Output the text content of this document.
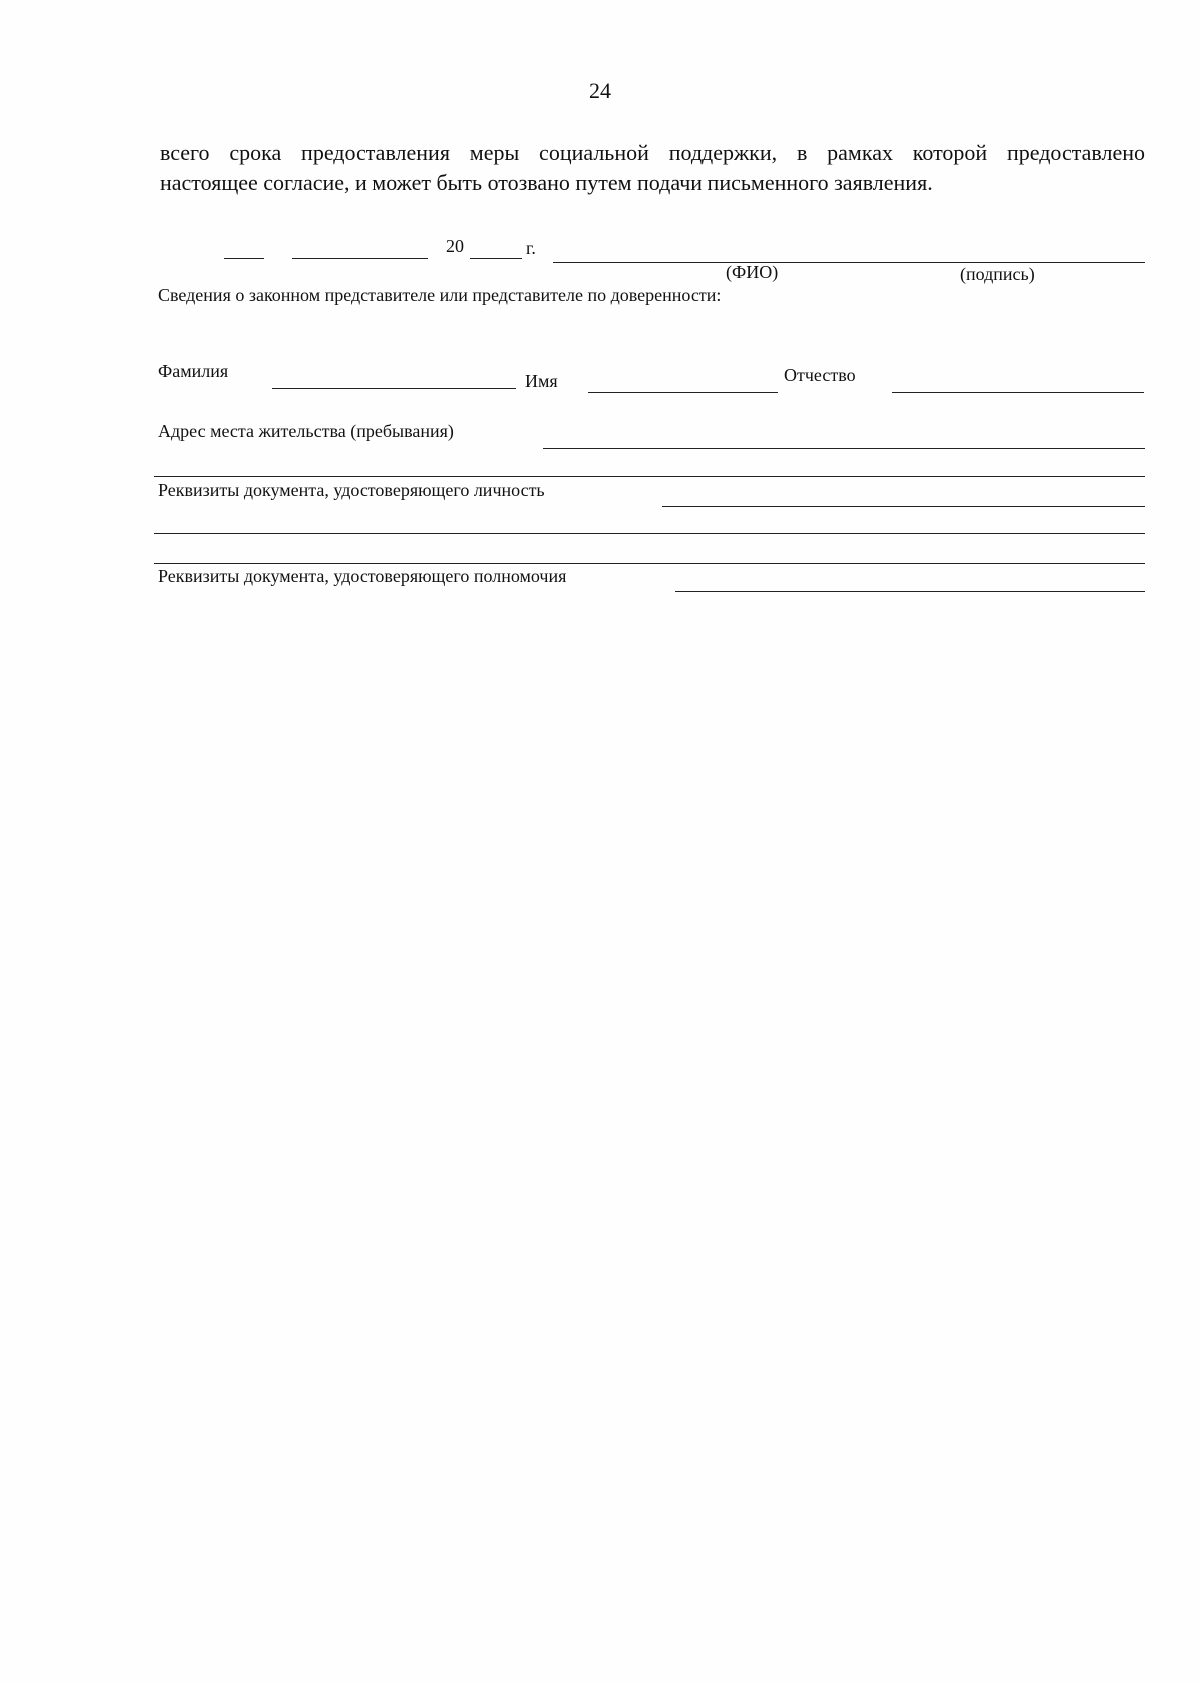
24
всего срока предоставления меры социальной поддержки, в рамках которой предоставлено
настоящее согласие, и может быть отозвано путем подачи письменного заявления.
20	г.
(ФИО)	(подпись)
Сведения о законном представителе или представителе по доверенности:
Фамилия	Имя	Отчество
Адрес места жительства (пребывания)
Реквизиты документа, удостоверяющего личность
Реквизиты документа, удостоверяющего полномочия
